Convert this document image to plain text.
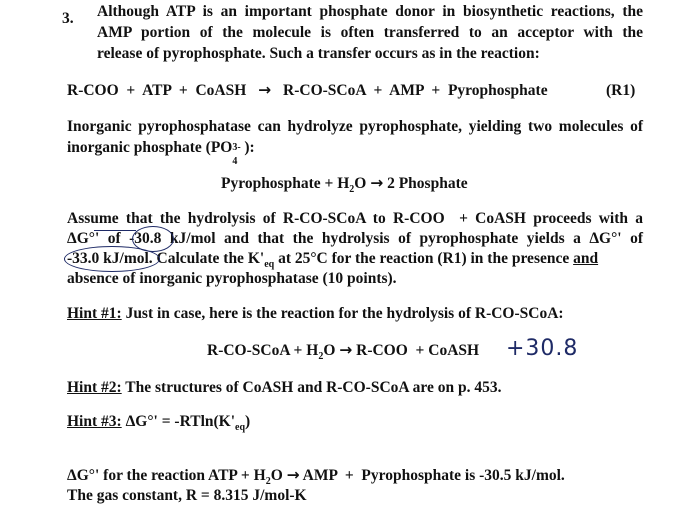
3. Although ATP is an important phosphate donor in biosynthetic reactions, the
AMP portion of the molecule is often transferred to an acceptor with the
release of pyrophosphate. Such a transfer occurs as in the reaction:
R-COO  +  ATP  +  CoASH → R-CO-SCoA  +  AMP  +  Pyrophosphate	(R1)
Inorganic pyrophosphatase can hydrolyze pyrophosphate, yielding two molecules of
inorganic phosphate (PO 3-
4
):
Pyrophosphate + $H_2O \to 2$ Phosphate
Assume that the hydrolysis of R-CO-SCoA to R-COO  + CoASH proceeds with a
ΔG°' of -30.8 kJ/mol and that the hydrolysis of pyrophosphate yields a ΔG°' of
-33.0 kJ/mol. Calculate the $K'_{eq}$ at 25°C for the reaction (R1) in the presence and
absence of inorganic pyrophosphatase (10 points).
Hint #1: Just in case, here is the reaction for the hydrolysis of R-CO-SCoA:
R-CO-SCoA + $H_2O \to R-COO$  + CoASH +30.8
Hint #2: The structures of CoASH and R-CO-SCoA are on p. 453.
Hint #3: $\Delta G^\circ' = -RTln(K'_{eq})$
ΔG°' for the reaction ATP + $H_2O$ → AMP  +  Pyrophosphate is -30.5 kJ/mol.
The gas constant, R = 8.315 J/mol-K
